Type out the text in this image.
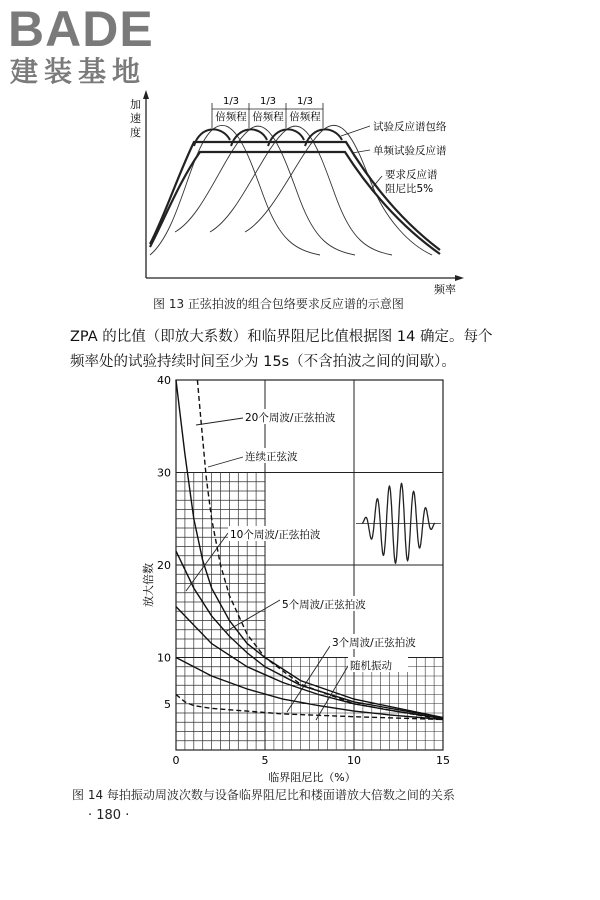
BADE
建装基地
加
速
度
频率
1/3 1/3 1/3
倍频程 倍频程 倍频程
试验反应谱包络
单频试验反应谱
要求反应谱
阻尼比5%
图 13 正弦拍波的组合包络要求反应谱的示意图
ZPA 的比值（即放大系数）和临界阻尼比值根据图 14 确定。每个
频率处的试验持续时间至少为 15s（不含拍波之间的间歇）。
0	5	10	15
5
10
20
30
40
20个周波/正弦拍波
连续正弦波
10个周波/正弦拍波
5个周波/正弦拍波
3个周波/正弦拍波
随机振动
放大倍数
临界阻尼比（%）
图 14 每拍振动周波次数与设备临界阻尼比和楼面谱放大倍数之间的关系
· 180 ·
